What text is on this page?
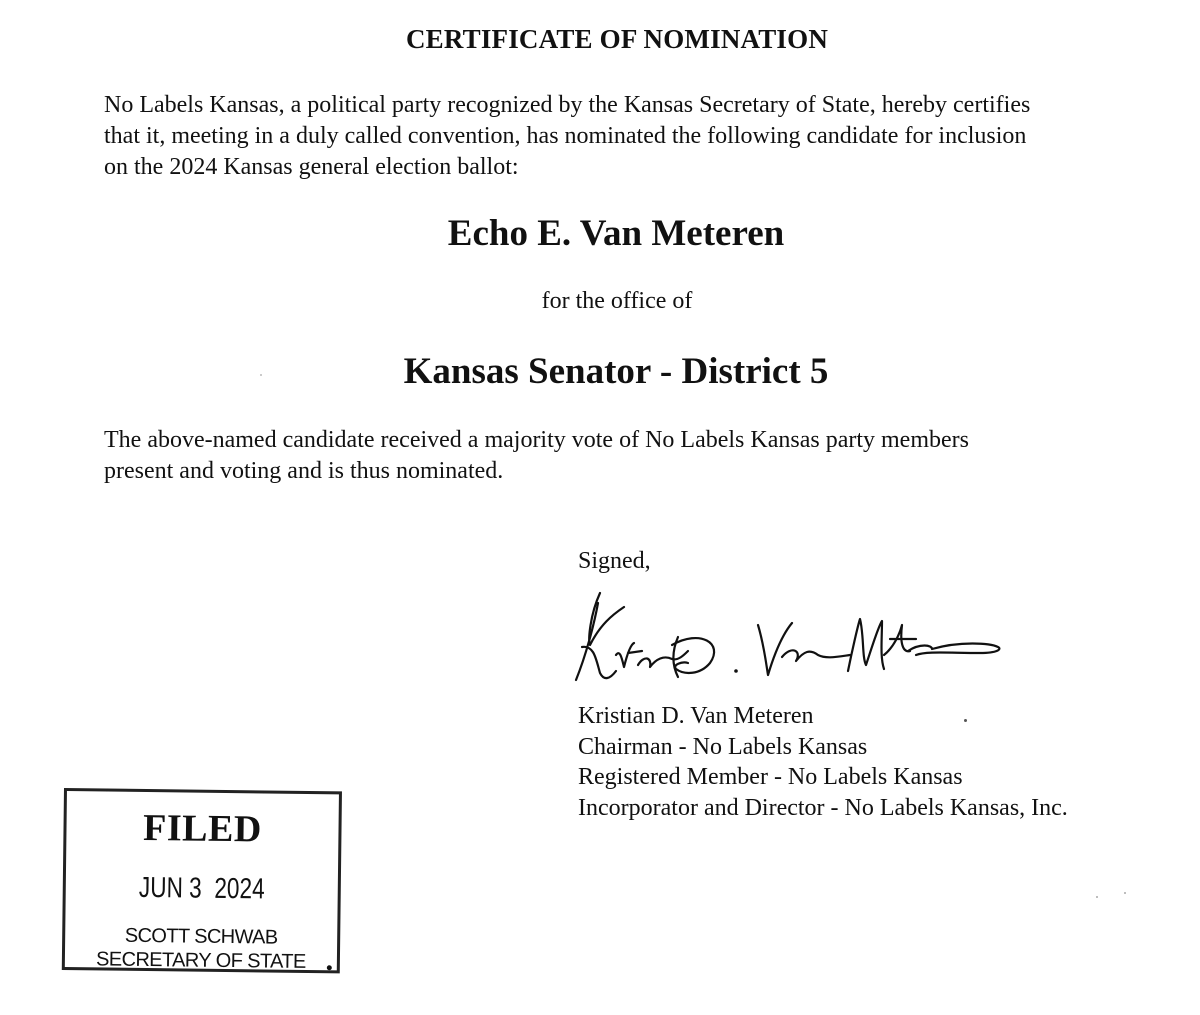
CERTIFICATE OF NOMINATION
No Labels Kansas, a political party recognized by the Kansas Secretary of State, hereby certifies
that it, meeting in a duly called convention, has nominated the following candidate for inclusion
on the 2024 Kansas general election ballot:
Echo E. Van Meteren
for the office of
Kansas Senator - District 5
The above-named candidate received a majority vote of No Labels Kansas party members
present and voting and is thus nominated.
Signed,
Kristian D. Van Meteren
Chairman - No Labels Kansas
Registered Member - No Labels Kansas
Incorporator and Director - No Labels Kansas, Inc.
FILED
JUN 3  2024
SCOTT SCHWAB
SECRETARY OF STATE
